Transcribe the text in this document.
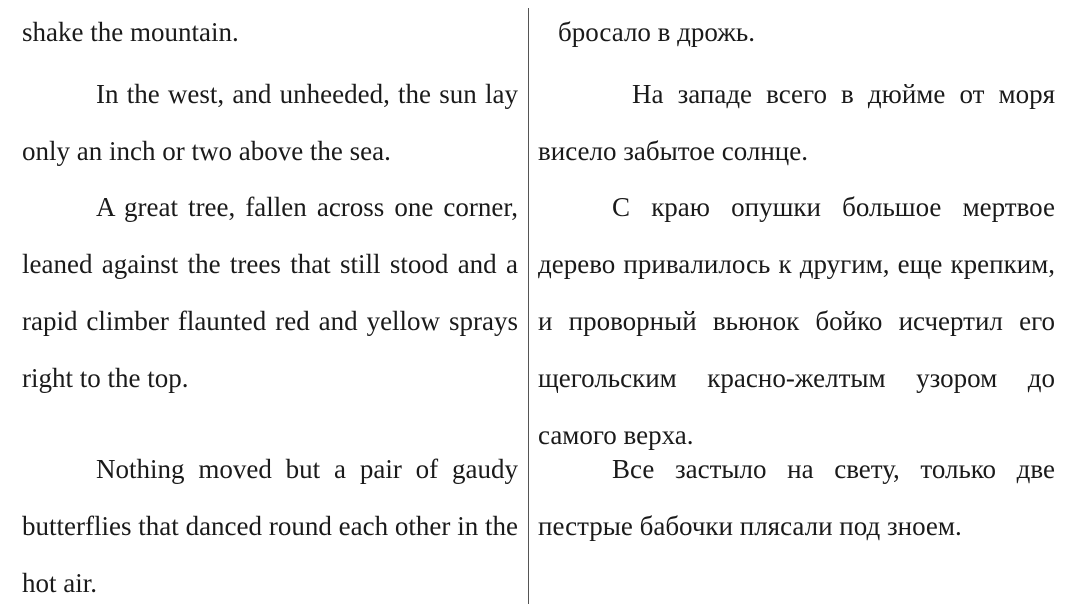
shake the mountain.

In the west, and unheeded, the sun lay only an inch or two above the sea.

A great tree, fallen across one corner, leaned against the trees that still stood and a rapid climber flaunted red and yellow sprays right to the top.

Nothing moved but a pair of gaudy butterflies that danced round each other in the hot air.

бросало в дрожь.

На западе всего в дюйме от моря висело забытое солнце.

С краю опушки большое мертвое дерево привалилось к другим, еще крепким, и проворный вьюнок бойко исчертил его щегольским красно-желтым узором до самого верха.

Все застыло на свету, только две пестрые бабочки плясали под зноем.
